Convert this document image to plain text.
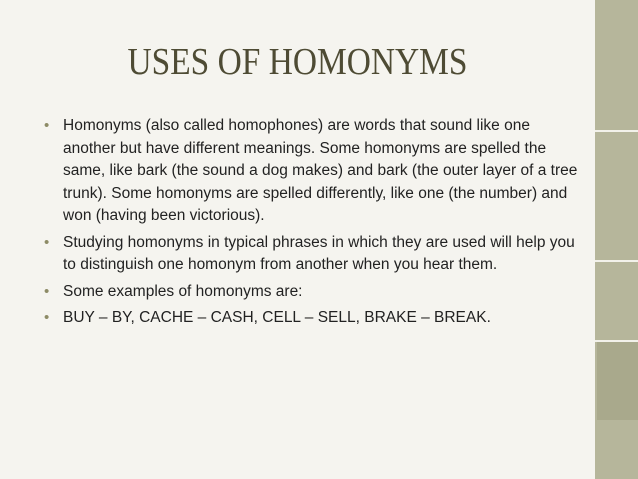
USES OF HOMONYMS
• Homonyms (also called homophones) are words that sound like one another but have different meanings. Some homonyms are spelled the same, like bark (the sound a dog makes) and bark (the outer layer of a tree trunk). Some homonyms are spelled differently, like one (the number) and won (having been victorious).
• Studying homonyms in typical phrases in which they are used will help you to distinguish one homonym from another when you hear them.
• Some examples of homonyms are:
• BUY – BY, CACHE – CASH, CELL – SELL, BRAKE – BREAK.
